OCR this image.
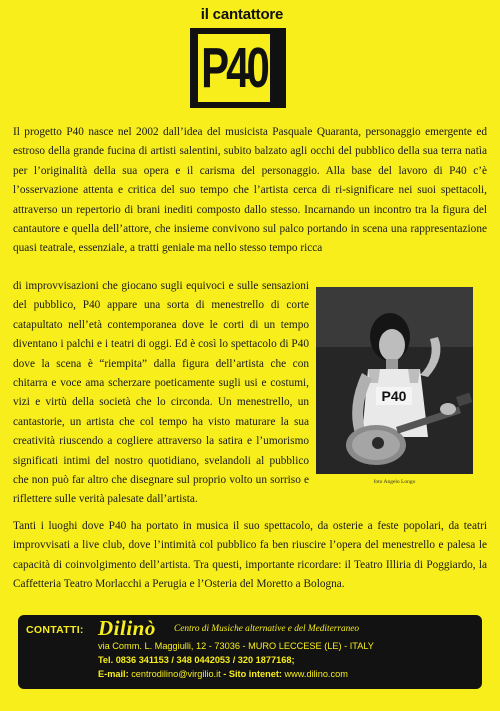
il cantattore
P40

Il progetto P40 nasce nel 2002 dall’idea del musicista Pasquale Quaranta, personaggio emergente ed estroso della grande fucina di artisti salentini, subito balzato agli occhi del pubblico della sua terra natìa per l’originalità della sua opera e il carisma del personaggio. Alla base del lavoro di P40 c’è l’osservazione attenta e critica del suo tempo che l’artista cerca di ri-significare nei suoi spettacoli, attraverso un repertorio di brani inediti composto dallo stesso. Incarnando un incontro tra la figura del cantautore e quella dell’attore, che insieme convivono sul palco portando in scena una rappresentazione quasi teatrale, essenziale, a tratti geniale ma nello stesso tempo ricca

di improvvisazioni che giocano sugli equivoci e sulle sensazioni del pubblico, P40 appare una sorta di menestrello di corte catapultato nell’età contemporanea dove le corti di un tempo diventano i palchi e i teatri di oggi. Ed è così lo spettacolo di P40 dove la scena è “riempita” dalla figura dell’artista che con chitarra e voce ama scherzare poeticamente sugli usi e costumi, vizi e virtù della società che lo circonda. Un menestrello, un cantastorie, un artista che col tempo ha visto maturare la sua creatività riuscendo a cogliere attraverso la satira e l’umorismo significati intimi del nostro quotidiano, svelandoli al pubblico che non può far altro che disegnare sul proprio volto un sorriso e riflettere sulle verità palesate dall’artista.

P40
foto Angelo Longo

Tanti i luoghi dove P40 ha portato in musica il suo spettacolo, da osterie a feste popolari, da teatri improvvisati a live club, dove l’intimità col pubblico fa ben riuscire l’opera del menestrello e palesa le capacità di coinvolgimento dell’artista. Tra questi, importante ricordare: il Teatro Illiria di Poggiardo, la Caffetteria Teatro Morlacchi a Perugia e l’Osteria del Moretto a Bologna.

CONTATTI: Dilinò Centro di Musiche alternative e del Mediterraneo
via Comm. L. Maggiulli, 12 - 73036 - MURO LECCESE (LE) - ITALY
Tel. 0836 341153 / 348 0442053 / 320 1877168;
E-mail: centrodilino@virgilio.it - Sito intenet: www.dilino.com
